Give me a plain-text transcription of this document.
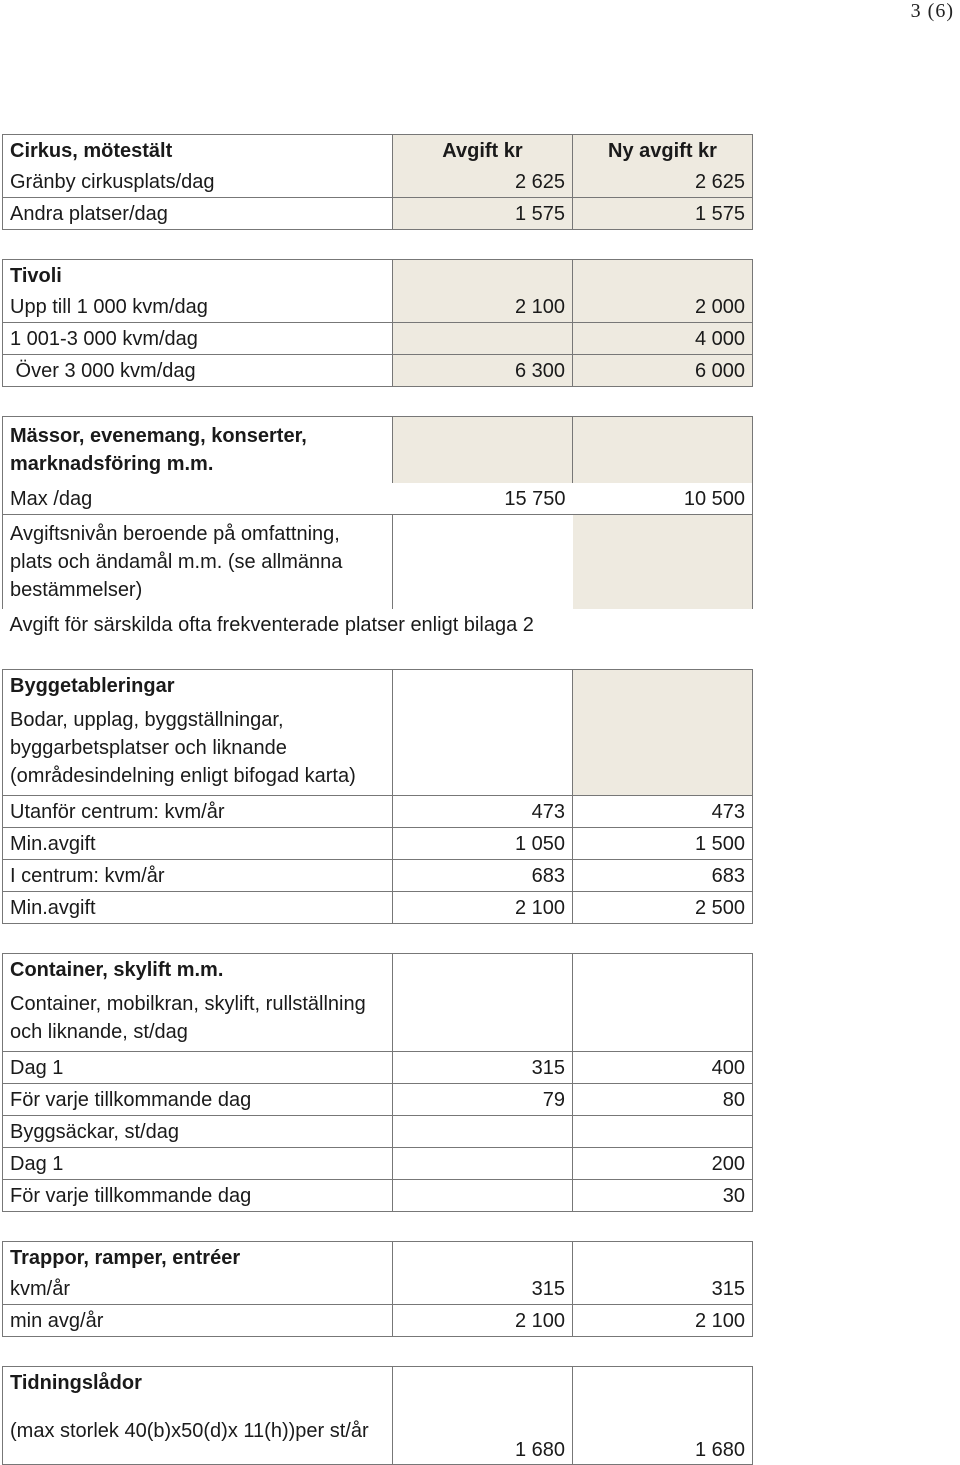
3 (6)
Cirkus, mötestält	Avgift kr	Ny avgift kr
Gränby cirkusplats/dag	2 625	2 625
Andra platser/dag	1 575	1 575
Tivoli		
Upp till 1 000 kvm/dag	2 100	2 000
1 001-3 000 kvm/dag		4 000
Över 3 000 kvm/dag	6 300	6 000
Mässor, evenemang, konserter, marknadsföring m.m.		
Max /dag	15 750	10 500
Avgiftsnivån beroende på omfattning, plats och ändamål m.m. (se allmänna bestämmelser)		
Avgift för särskilda ofta frekventerade platser enligt bilaga 2		
Byggetableringar		
Bodar, upplag, byggställningar, byggarbetsplatser och liknande (områdesindelning enligt bifogad karta)		
Utanför centrum: kvm/år	473	473
Min.avgift	1 050	1 500
I centrum: kvm/år	683	683
Min.avgift	2 100	2 500
Container, skylift m.m.		
Container, mobilkran, skylift, rullställning och liknande, st/dag		
Dag 1	315	400
För varje tillkommande dag	79	80
Byggsäckar, st/dag		
Dag 1		200
För varje tillkommande dag		30
Trappor, ramper, entréer		
kvm/år	315	315
min avg/år	2 100	2 100
Tidningslådor		
(max storlek 40(b)x50(d)x 11(h))per st/år	1 680	1 680
